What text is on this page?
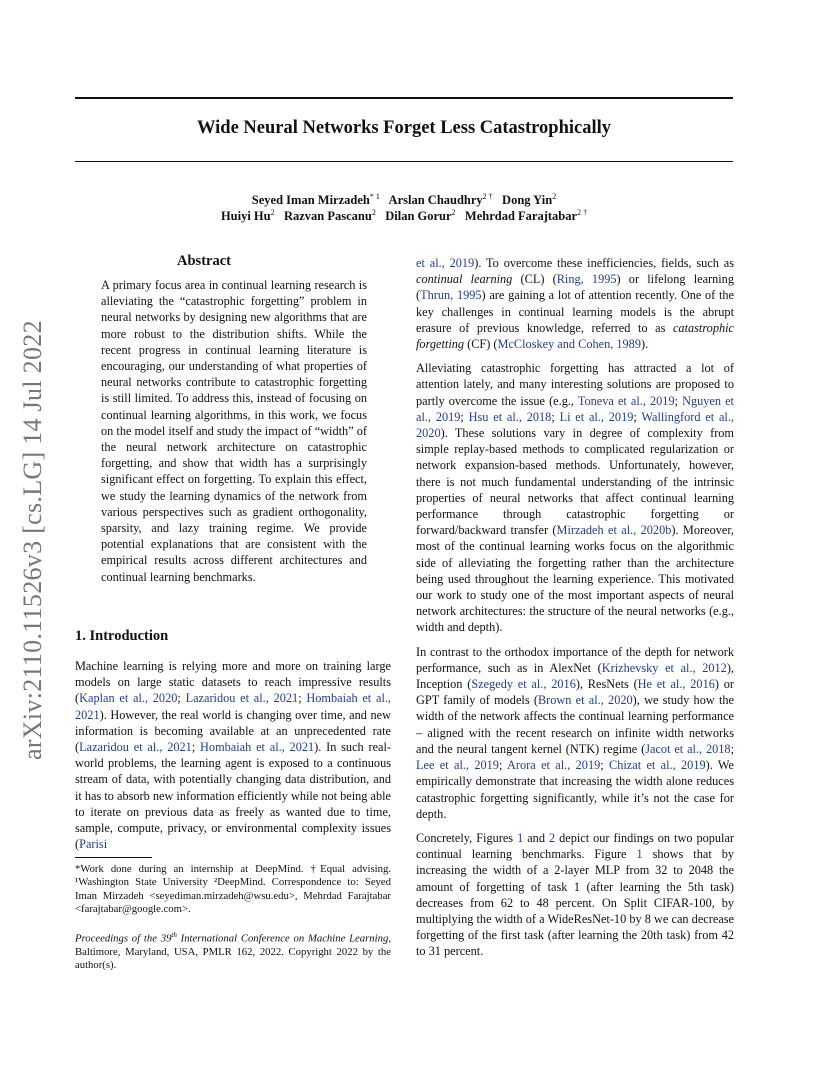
Wide Neural Networks Forget Less Catastrophically
Seyed Iman Mirzadeh$^{* 1}$ Arslan Chaudhry$^{2 \dagger}$ Dong Yin$^2$
Huiyi Hu$^2$ Razvan Pascanu$^2$ Dilan Gorur$^2$ Mehrdad Farajtabar$^{2 \dagger}$
arXiv:2110.11526v3 [cs.LG] 14 Jul 2022
Abstract

A primary focus area in continual learning research is alleviating the “catastrophic forgetting” problem in neural networks by designing new algorithms that are more robust to the distribution shifts. While the recent progress in continual learning literature is encouraging, our understanding of what properties of neural networks contribute to catastrophic forgetting is still limited. To address this, instead of focusing on continual learning algorithms, in this work, we focus on the model itself and study the impact of “width” of the neural network architecture on catastrophic forgetting, and show that width has a surprisingly significant effect on forgetting. To explain this effect, we study the learning dynamics of the network from various perspectives such as gradient orthogonality, sparsity, and lazy training regime. We provide potential explanations that are consistent with the empirical results across different architectures and continual learning benchmarks.

1. Introduction

Machine learning is relying more and more on training large models on large static datasets to reach impressive results (Kaplan et al., 2020; Lazaridou et al., 2021; Hombaiah et al., 2021). However, the real world is changing over time, and new information is becoming available at an unprecedented rate (Lazaridou et al., 2021; Hombaiah et al., 2021). In such real-world problems, the learning agent is exposed to a continuous stream of data, with potentially changing data distribution, and it has to absorb new information efficiently while not being able to iterate on previous data as freely as wanted due to time, sample, compute, privacy, or environmental complexity issues (Parisi

*Work done during an internship at DeepMind. †Equal advising. ¹Washington State University ²DeepMind. Correspondence to: Seyed Iman Mirzadeh <seyediman.mirzadeh@wsu.edu>, Mehrdad Farajtabar <farajtabar@google.com>.
Proceedings of the 39th International Conference on Machine Learning, Baltimore, Maryland, USA, PMLR 162, 2022. Copyright 2022 by the author(s).

et al., 2019). To overcome these inefficiencies, fields, such as continual learning (CL) (Ring, 1995) or lifelong learning (Thrun, 1995) are gaining a lot of attention recently. One of the key challenges in continual learning models is the abrupt erasure of previous knowledge, referred to as catastrophic forgetting (CF) (McCloskey and Cohen, 1989).

Alleviating catastrophic forgetting has attracted a lot of attention lately, and many interesting solutions are proposed to partly overcome the issue (e.g., Toneva et al., 2019; Nguyen et al., 2019; Hsu et al., 2018; Li et al., 2019; Wallingford et al., 2020). These solutions vary in degree of complexity from simple replay-based methods to complicated regularization or network expansion-based methods. Unfortunately, however, there is not much fundamental understanding of the intrinsic properties of neural networks that affect continual learning performance through catastrophic forgetting or forward/backward transfer (Mirzadeh et al., 2020b). Moreover, most of the continual learning works focus on the algorithmic side of alleviating the forgetting rather than the architecture being used throughout the learning experience. This motivated our work to study one of the most important aspects of neural network architectures: the structure of the neural networks (e.g., width and depth).

In contrast to the orthodox importance of the depth for network performance, such as in AlexNet (Krizhevsky et al., 2012), Inception (Szegedy et al., 2016), ResNets (He et al., 2016) or GPT family of models (Brown et al., 2020), we study how the width of the network affects the continual learning performance – aligned with the recent research on infinite width networks and the neural tangent kernel (NTK) regime (Jacot et al., 2018; Lee et al., 2019; Arora et al., 2019; Chizat et al., 2019). We empirically demonstrate that increasing the width alone reduces catastrophic forgetting significantly, while it’s not the case for depth.

Concretely, Figures 1 and 2 depict our findings on two popular continual learning benchmarks. Figure 1 shows that by increasing the width of a 2-layer MLP from 32 to 2048 the amount of forgetting of task 1 (after learning the 5th task) decreases from 62 to 48 percent. On Split CIFAR-100, by multiplying the width of a WideResNet-10 by 8 we can decrease forgetting of the first task (after learning the 20th task) from 42 to 31 percent.
